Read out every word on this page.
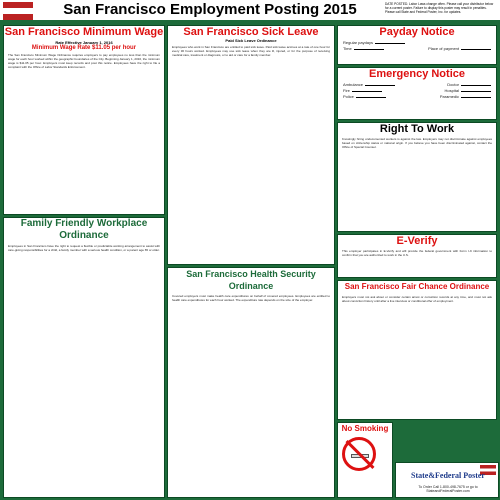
San Francisco Employment Posting 2015	DATE POSTED. Labor Laws change often. Please call your distributor below for a current poster. Failure to display this poster may result in penalties. Please call State and Federal Poster, Inc. for updates.
San Francisco Minimum Wage
Rate Effective January 1, 2016
Minimum Wage Rate $11.05 per hour
The San Francisco Minimum Wage Ordinance requires employers to pay employees no less than the minimum wage for each hour worked within the geographic boundaries of the City. Beginning January 1, 2016, the minimum wage is $11.05 per hour. Employers must keep records and post this notice. Employees have the right to file a complaint with the Office of Labor Standards Enforcement.
San Francisco Sick Leave
Paid Sick Leave Ordinance
Employees who work in San Francisco are entitled to paid sick leave. Paid sick leave accrues at a rate of one hour for every 30 hours worked. Employees may use sick leave when they are ill, injured, or for the purpose of receiving medical care, treatment or diagnosis, or to aid or care for a family member.
Payday Notice
Regular paydays
Time	Place of payment
Emergency Notice
Ambulance	Doctor
Fire	Hospital
Police	Paramedic
Right To Work
Knowingly hiring undocumented workers is against the law. Employers may not discriminate against employees based on citizenship status or national origin. If you believe you have been discriminated against, contact the Office of Special Counsel.
E-Verify
This employer participates in E-Verify and will provide the federal government with Form I-9 information to confirm that you are authorized to work in the U.S.
Family Friendly Workplace Ordinance
Employees in San Francisco have the right to request a flexible or predictable working arrangement to assist with care-giving responsibilities for a child, a family member with a serious health condition, or a parent age 65 or older.
San Francisco Health Security Ordinance
Covered employers must make health care expenditures on behalf of covered employees. Employees are entitled to health care expenditures for each hour worked. The expenditure rate depends on the size of the employer.
San Francisco Fair Chance Ordinance
Employers must not ask about or consider certain arrest or conviction records at any time, and must not ask about conviction history until after a live interview or conditional offer of employment.
No Smoking
State&Federal Poster
To Order Call 1-800-498-7675 or go to StateandFederalPoster.com
